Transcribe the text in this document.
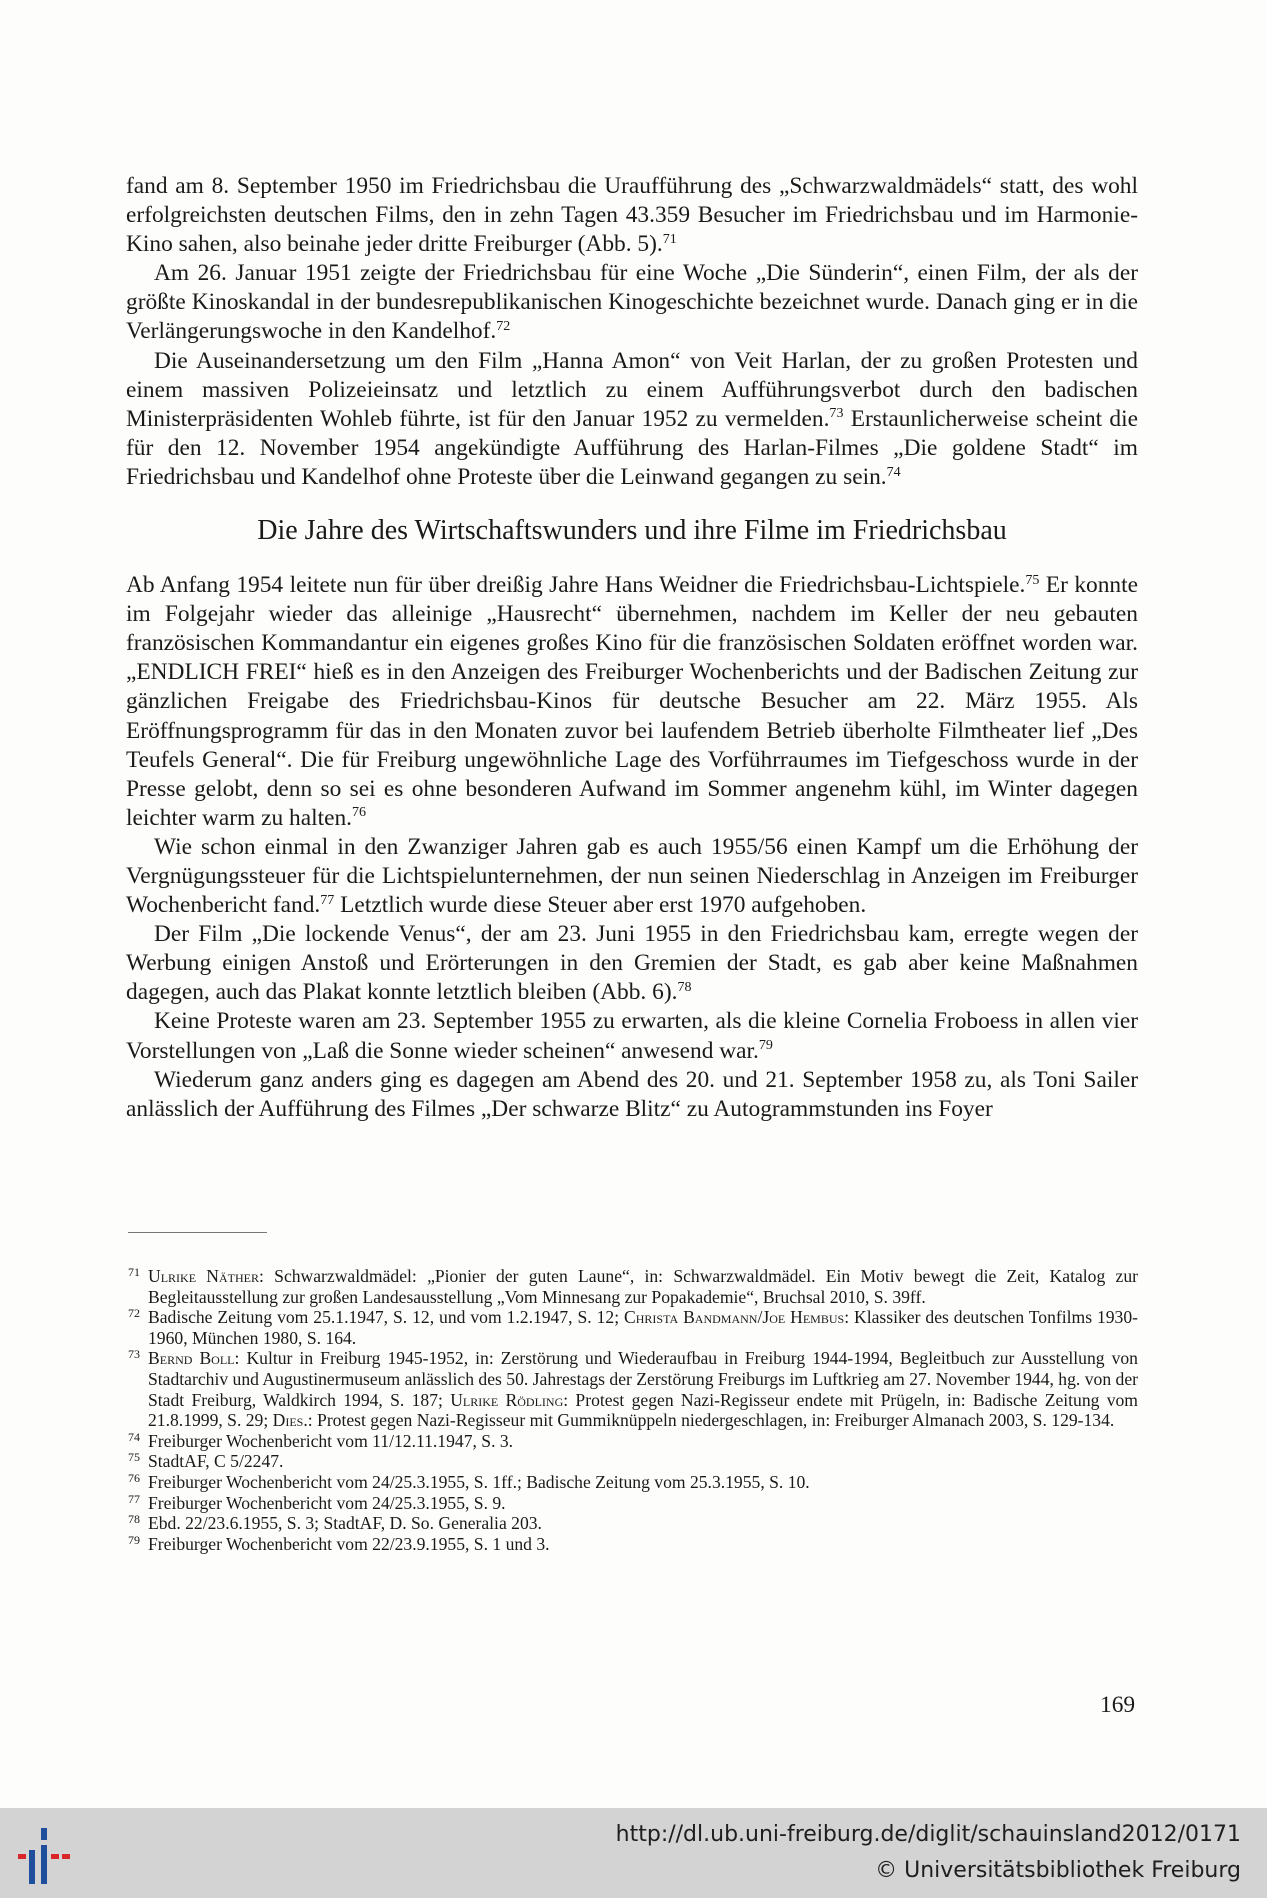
fand am 8. September 1950 im Friedrichsbau die Uraufführung des „Schwarzwaldmädels“ statt, des wohl erfolgreichsten deutschen Films, den in zehn Tagen 43.359 Besucher im Friedrichsbau und im Harmonie-Kino sahen, also beinahe jeder dritte Freiburger (Abb. 5).$^{71}$

Am 26. Januar 1951 zeigte der Friedrichsbau für eine Woche „Die Sünderin“, einen Film, der als der größte Kinoskandal in der bundesrepublikanischen Kinogeschichte bezeichnet wurde. Danach ging er in die Verlängerungswoche in den Kandelhof.$^{72}$

Die Auseinandersetzung um den Film „Hanna Amon“ von Veit Harlan, der zu großen Protesten und einem massiven Polizeieinsatz und letztlich zu einem Aufführungsverbot durch den badischen Ministerpräsidenten Wohleb führte, ist für den Januar 1952 zu vermelden.$^{73}$ Erstaunlicherweise scheint die für den 12. November 1954 angekündigte Aufführung des Harlan-Filmes „Die goldene Stadt“ im Friedrichsbau und Kandelhof ohne Proteste über die Leinwand gegangen zu sein.$^{74}$

Die Jahre des Wirtschaftswunders und ihre Filme im Friedrichsbau

Ab Anfang 1954 leitete nun für über dreißig Jahre Hans Weidner die Friedrichsbau-Lichtspiele.$^{75}$ Er konnte im Folgejahr wieder das alleinige „Hausrecht“ übernehmen, nachdem im Keller der neu gebauten französischen Kommandantur ein eigenes großes Kino für die französischen Soldaten eröffnet worden war. „ENDLICH FREI“ hieß es in den Anzeigen des Freiburger Wochenberichts und der Badischen Zeitung zur gänzlichen Freigabe des Friedrichsbau-Kinos für deutsche Besucher am 22. März 1955. Als Eröffnungsprogramm für das in den Monaten zuvor bei laufendem Betrieb überholte Filmtheater lief „Des Teufels General“. Die für Freiburg ungewöhnliche Lage des Vorführraumes im Tiefgeschoss wurde in der Presse gelobt, denn so sei es ohne besonderen Aufwand im Sommer angenehm kühl, im Winter dagegen leichter warm zu halten.$^{76}$

Wie schon einmal in den Zwanziger Jahren gab es auch 1955/56 einen Kampf um die Erhöhung der Vergnügungssteuer für die Lichtspielunternehmen, der nun seinen Niederschlag in Anzeigen im Freiburger Wochenbericht fand.$^{77}$ Letztlich wurde diese Steuer aber erst 1970 aufgehoben.

Der Film „Die lockende Venus“, der am 23. Juni 1955 in den Friedrichsbau kam, erregte wegen der Werbung einigen Anstoß und Erörterungen in den Gremien der Stadt, es gab aber keine Maßnahmen dagegen, auch das Plakat konnte letztlich bleiben (Abb. 6).$^{78}$

Keine Proteste waren am 23. September 1955 zu erwarten, als die kleine Cornelia Froboess in allen vier Vorstellungen von „Laß die Sonne wieder scheinen“ anwesend war.$^{79}$

Wiederum ganz anders ging es dagegen am Abend des 20. und 21. September 1958 zu, als Toni Sailer anlässlich der Aufführung des Filmes „Der schwarze Blitz“ zu Autogrammstunden ins Foyer

71 Ulrike Näther: Schwarzwaldmädel: „Pionier der guten Laune“, in: Schwarzwaldmädel. Ein Motiv bewegt die Zeit, Katalog zur Begleitausstellung zur großen Landesausstellung „Vom Minnesang zur Popakademie“, Bruchsal 2010, S. 39ff.

72 Badische Zeitung vom 25.1.1947, S. 12, und vom 1.2.1947, S. 12; Christa Bandmann/Joe Hembus: Klassiker des deutschen Tonfilms 1930-1960, München 1980, S. 164.

73 Bernd Boll: Kultur in Freiburg 1945-1952, in: Zerstörung und Wiederaufbau in Freiburg 1944-1994, Begleitbuch zur Ausstellung von Stadtarchiv und Augustinermuseum anlässlich des 50. Jahrestags der Zerstörung Freiburgs im Luftkrieg am 27. November 1944, hg. von der Stadt Freiburg, Waldkirch 1994, S. 187; Ulrike Rödling: Protest gegen Nazi-Regisseur endete mit Prügeln, in: Badische Zeitung vom 21.8.1999, S. 29; Dies.: Protest gegen Nazi-Regisseur mit Gummiknüppeln niedergeschlagen, in: Freiburger Almanach 2003, S. 129-134.

74 Freiburger Wochenbericht vom 11/12.11.1947, S. 3.

75 StadtAF, C 5/2247.

76 Freiburger Wochenbericht vom 24/25.3.1955, S. 1ff.; Badische Zeitung vom 25.3.1955, S. 10.

77 Freiburger Wochenbericht vom 24/25.3.1955, S. 9.

78 Ebd. 22/23.6.1955, S. 3; StadtAF, D. So. Generalia 203.

79 Freiburger Wochenbericht vom 22/23.9.1955, S. 1 und 3.

169
http://dl.ub.uni-freiburg.de/diglit/schauinsland2012/0171
© Universitätsbibliothek Freiburg
